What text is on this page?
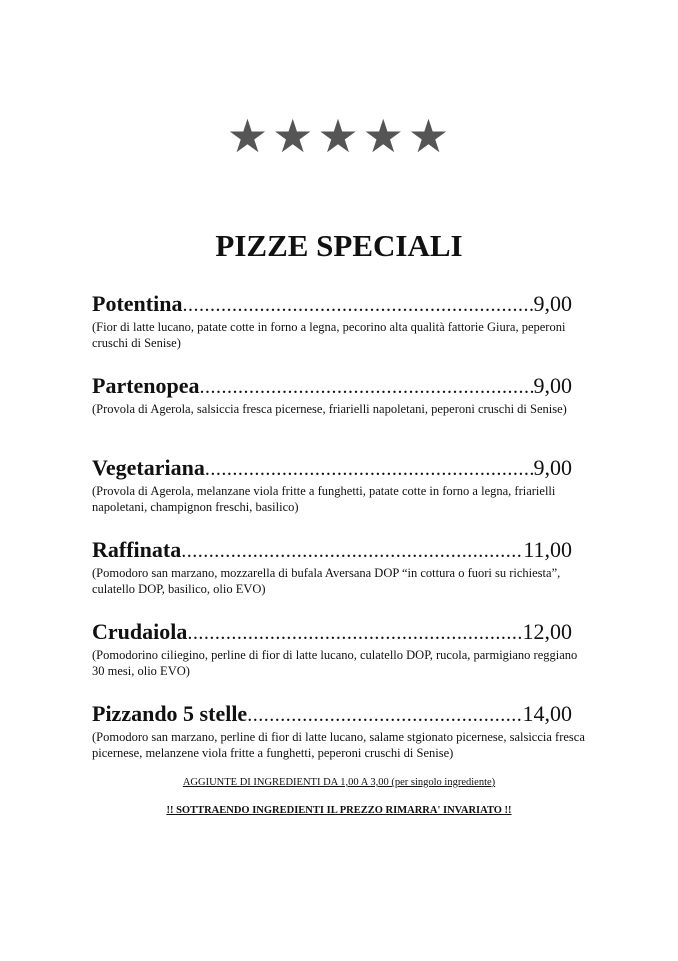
★★★★★
PIZZE SPECIALI
Potentina .....	9,00
(Fior di latte lucano, patate cotte in forno a legna, pecorino alta qualità fattorie Giura, peperoni cruschi di Senise)
Partenopea .....	9,00
(Provola di Agerola, salsiccia fresca picernese, friarielli napoletani, peperoni cruschi di Senise)
Vegetariana .....	9,00
(Provola di Agerola, melanzane viola fritte a funghetti, patate cotte in forno a legna, friarielli napoletani, champignon freschi, basilico)
Raffinata .....	11,00
(Pomodoro san marzano, mozzarella di bufala Aversana DOP “in cottura o fuori su richiesta”, culatello DOP, basilico, olio EVO)
Crudaiola .....	12,00
(Pomodorino ciliegino, perline di fior di latte lucano, culatello DOP, rucola, parmigiano reggiano 30 mesi, olio EVO)
Pizzando 5 stelle .....	14,00
(Pomodoro san marzano, perline di fior di latte lucano, salame stgionato picernese, salsiccia fresca picernese, melanzene viola fritte a funghetti, peperoni cruschi di Senise)
AGGIUNTE DI INGREDIENTI DA 1,00 A 3,00 (per singolo ingrediente)
!! SOTTRAENDO INGREDIENTI IL PREZZO RIMARRA' INVARIATO !!
